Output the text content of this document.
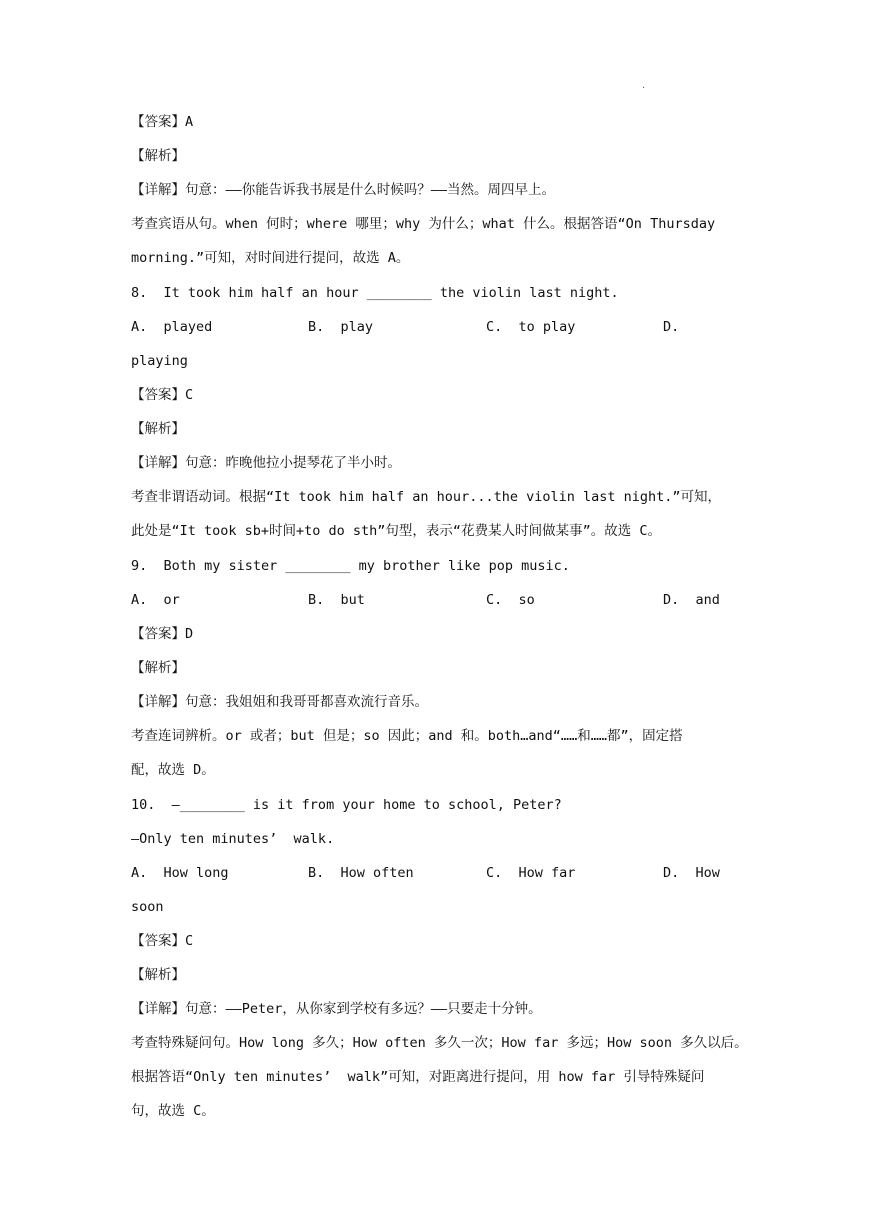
.
【答案】A
【解析】
【详解】句意：——你能告诉我书展是什么时候吗？——当然。周四早上。
考查宾语从句。when 何时；where 哪里；why 为什么；what 什么。根据答语“On Thursday
morning.”可知，对时间进行提问，故选 A。
8.  It took him half an hour ________ the violin last night.
A.  played	B.  play	C.  to play	D.
playing
【答案】C
【解析】
【详解】句意：昨晚他拉小提琴花了半小时。
考查非谓语动词。根据“It took him half an hour...the violin last night.”可知，
此处是“It took sb+时间+to do sth”句型，表示“花费某人时间做某事”。故选 C。
9.  Both my sister ________ my brother like pop music.
A.  or	B.  but	C.  so	D.  and
【答案】D
【解析】
【详解】句意：我姐姐和我哥哥都喜欢流行音乐。
考查连词辨析。or 或者；but 但是；so 因此；and 和。both…and“……和……都”，固定搭
配，故选 D。
10.  —________ is it from your home to school, Peter?
—Only ten minutes’  walk.
A.  How long	B.  How often	C.  How far	D.  How
soon
【答案】C
【解析】
【详解】句意：——Peter，从你家到学校有多远？——只要走十分钟。
考查特殊疑问句。How long 多久；How often 多久一次；How far 多远；How soon 多久以后。
根据答语“Only ten minutes’  walk”可知，对距离进行提问，用 how far 引导特殊疑问
句，故选 C。
